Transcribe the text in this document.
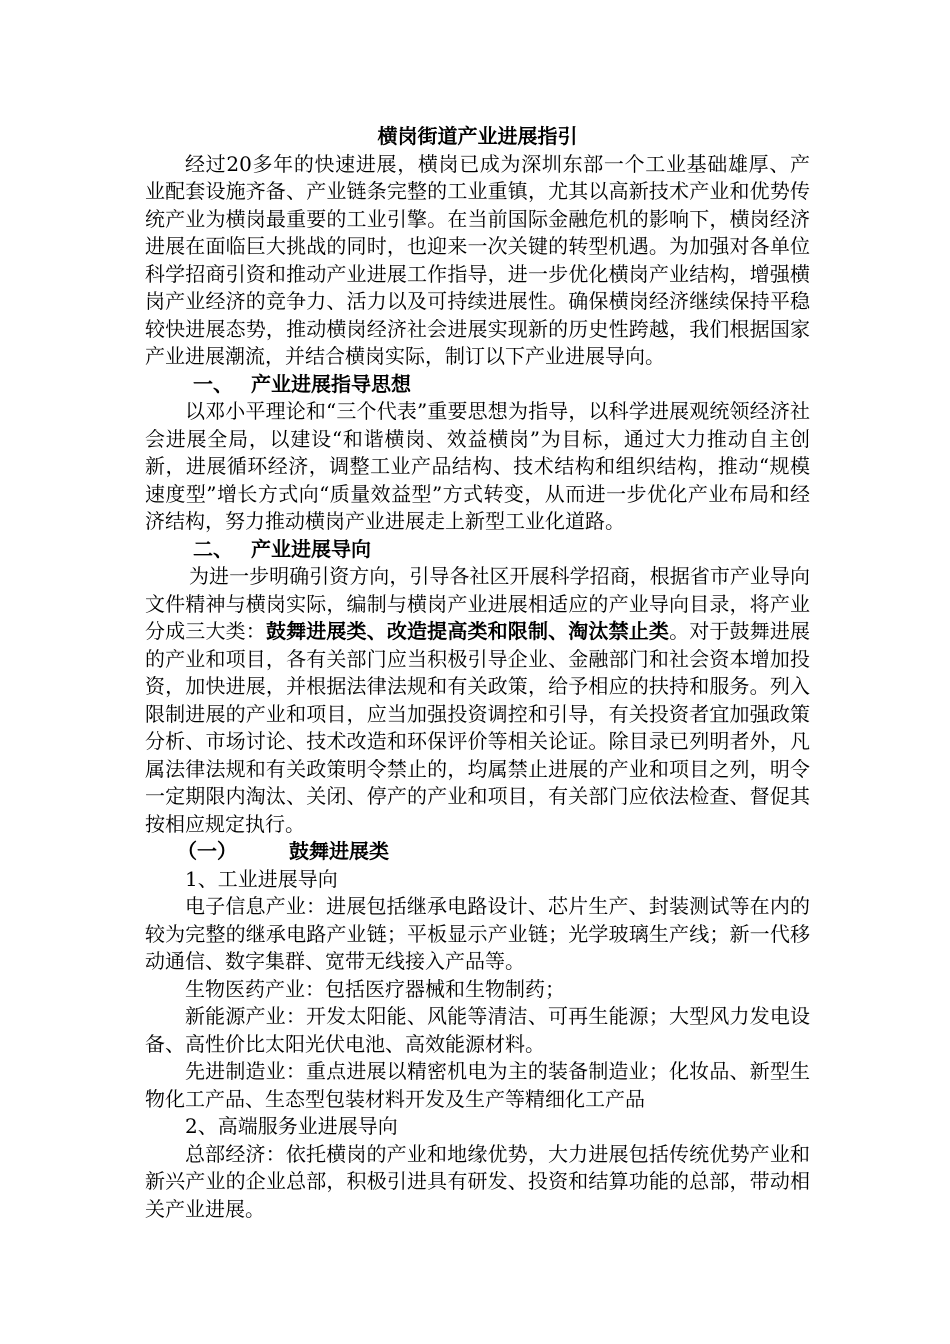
横岗街道产业进展指引

经过20多年的快速进展，横岗已成为深圳东部一个工业基础雄厚、产业配套设施齐备、产业链条完整的工业重镇，尤其以高新技术产业和优势传统产业为横岗最重要的工业引擎。在当前国际金融危机的影响下，横岗经济进展在面临巨大挑战的同时，也迎来一次关键的转型机遇。为加强对各单位科学招商引资和推动产业进展工作指导，进一步优化横岗产业结构，增强横岗产业经济的竞争力、活力以及可持续进展性。确保横岗经济继续保持平稳较快进展态势，推动横岗经济社会进展实现新的历史性跨越，我们根据国家产业进展潮流，并结合横岗实际，制订以下产业进展导向。

一、 产业进展指导思想

以邓小平理论和“三个代表”重要思想为指导，以科学进展观统领经济社会进展全局，以建设“和谐横岗、效益横岗”为目标，通过大力推动自主创新，进展循环经济，调整工业产品结构、技术结构和组织结构，推动“规模速度型”增长方式向“质量效益型”方式转变，从而进一步优化产业布局和经济结构，努力推动横岗产业进展走上新型工业化道路。

二、 产业进展导向

为进一步明确引资方向，引导各社区开展科学招商，根据省市产业导向文件精神与横岗实际，编制与横岗产业进展相适应的产业导向目录，将产业分成三大类：鼓舞进展类、改造提高类和限制、淘汰禁止类。对于鼓舞进展的产业和项目，各有关部门应当积极引导企业、金融部门和社会资本增加投资，加快进展，并根据法律法规和有关政策，给予相应的扶持和服务。列入限制进展的产业和项目，应当加强投资调控和引导，有关投资者宜加强政策分析、市场讨论、技术改造和环保评价等相关论证。除目录已列明者外，凡属法律法规和有关政策明令禁止的，均属禁止进展的产业和项目之列，明令一定期限内淘汰、关闭、停产的产业和项目，有关部门应依法检查、督促其按相应规定执行。

（一）	鼓舞进展类

1、工业进展导向

电子信息产业：进展包括继承电路设计、芯片生产、封装测试等在内的较为完整的继承电路产业链；平板显示产业链；光学玻璃生产线；新一代移动通信、数字集群、宽带无线接入产品等。

生物医药产业：包括医疗器械和生物制药；

新能源产业：开发太阳能、风能等清洁、可再生能源；大型风力发电设备、高性价比太阳光伏电池、高效能源材料。

先进制造业：重点进展以精密机电为主的装备制造业；化妆品、新型生物化工产品、生态型包装材料开发及生产等精细化工产品

2、高端服务业进展导向

总部经济：依托横岗的产业和地缘优势，大力进展包括传统优势产业和新兴产业的企业总部，积极引进具有研发、投资和结算功能的总部，带动相关产业进展。
